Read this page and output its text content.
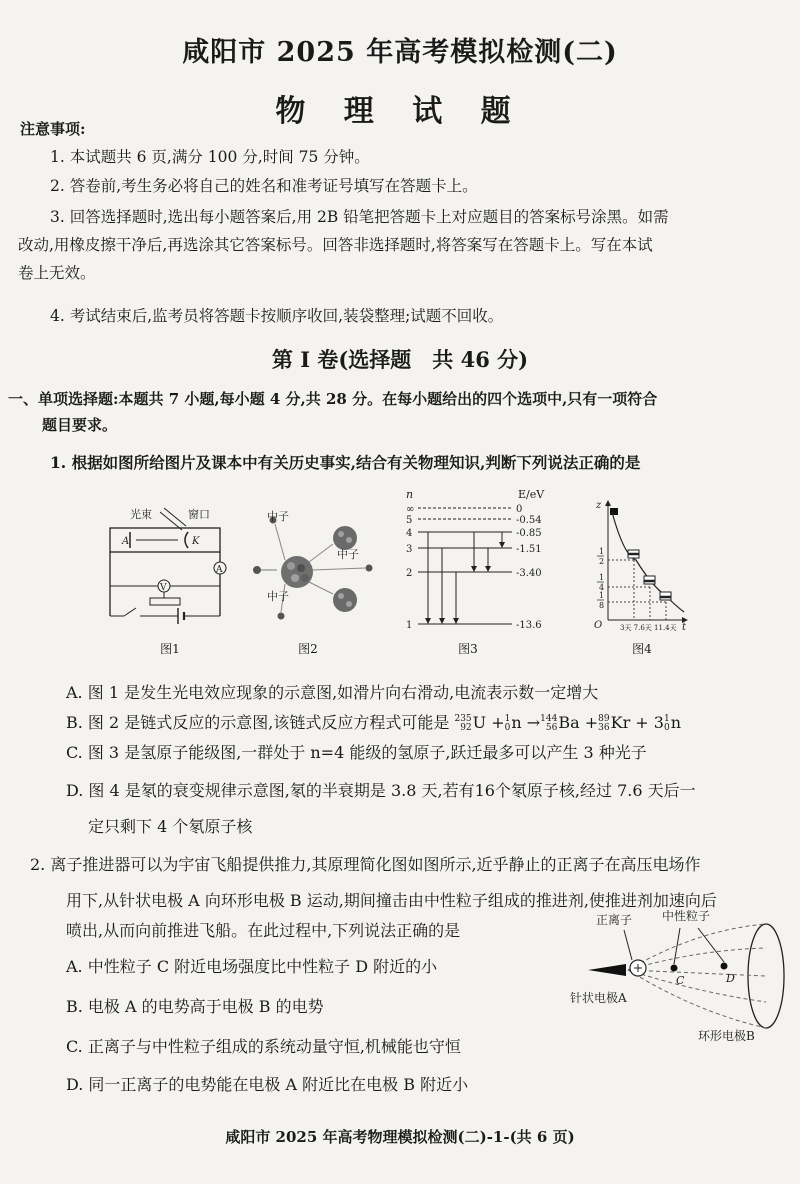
咸阳市 2025 年高考模拟检测(二)
物 理 试 题
注意事项:
1. 本试题共 6 页,满分 100 分,时间 75 分钟。
2. 答卷前,考生务必将自己的姓名和准考证号填写在答题卡上。
3. 回答选择题时,选出每小题答案后,用 2B 铅笔把答题卡上对应题目的答案标号涂黑。如需
改动,用橡皮擦干净后,再选涂其它答案标号。回答非选择题时,将答案写在答题卡上。写在本试
卷上无效。
4. 考试结束后,监考员将答题卡按顺序收回,装袋整理;试题不回收。
第 I 卷(选择题　共 46 分)
一、单项选择题:本题共 7 小题,每小题 4 分,共 28 分。在每小题给出的四个选项中,只有一项符合
题目要求。
1. 根据如图所给图片及课本中有关历史事实,结合有关物理知识,判断下列说法正确的是
光束	窗口
A	K
A
V
图1
中子
中子
中子
图2
n	E/eV
∞
5
4
3
2
1
0
-0.54
-0.85
-1.51
-3.40
-13.6
图3
z
t
O
1
2
1
4
1
8
3天 7.6天 11.4天
图4
A. 图 1 是发生光电效应现象的示意图,如滑片向右滑动,电流表示数一定增大
B. 图 2 是链式反应的示意图,该链式反应方程式可能是 235
92U +1
0n →144
56Ba +89
36Kr + 31
0n
C. 图 3 是氢原子能级图,一群处于 n=4 能级的氢原子,跃迁最多可以产生 3 种光子
D. 图 4 是氡的衰变规律示意图,氡的半衰期是 3.8 天,若有16个氡原子核,经过 7.6 天后一
定只剩下 4 个氡原子核
2. 离子推进器可以为宇宙飞船提供推力,其原理简化图如图所示,近乎静止的正离子在高压电场作
用下,从针状电极 A 向环形电极 B 运动,期间撞击由中性粒子组成的推进剂,使推进剂加速向后
喷出,从而向前推进飞船。在此过程中,下列说法正确的是
A. 中性粒子 C 附近电场强度比中性粒子 D 附近的小
B. 电极 A 的电势高于电极 B 的电势
C. 正离子与中性粒子组成的系统动量守恒,机械能也守恒
D. 同一正离子的电势能在电极 A 附近比在电极 B 附近小
正离子 中性粒子
C	D
针状电极A
环形电极B
咸阳市 2025 年高考物理模拟检测(二)-1-(共 6 页)
